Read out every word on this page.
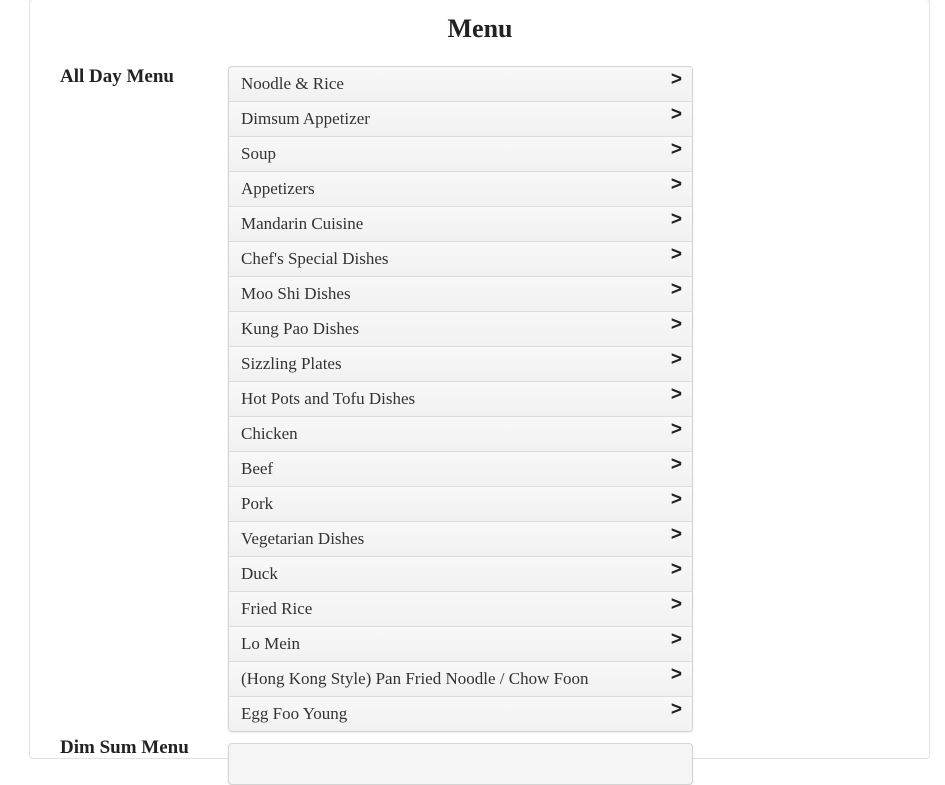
Menu
All Day Menu	Noodle & Rice	>
Dimsum Appetizer	>
Soup	>
Appetizers	>
Mandarin Cuisine	>
Chef's Special Dishes	>
Moo Shi Dishes	>
Kung Pao Dishes	>
Sizzling Plates	>
Hot Pots and Tofu Dishes	>
Chicken	>
Beef	>
Pork	>
Vegetarian Dishes	>
Duck	>
Fried Rice	>
Lo Mein	>
(Hong Kong Style) Pan Fried Noodle / Chow Foon	>
Egg Foo Young	>
Dim Sum Menu
